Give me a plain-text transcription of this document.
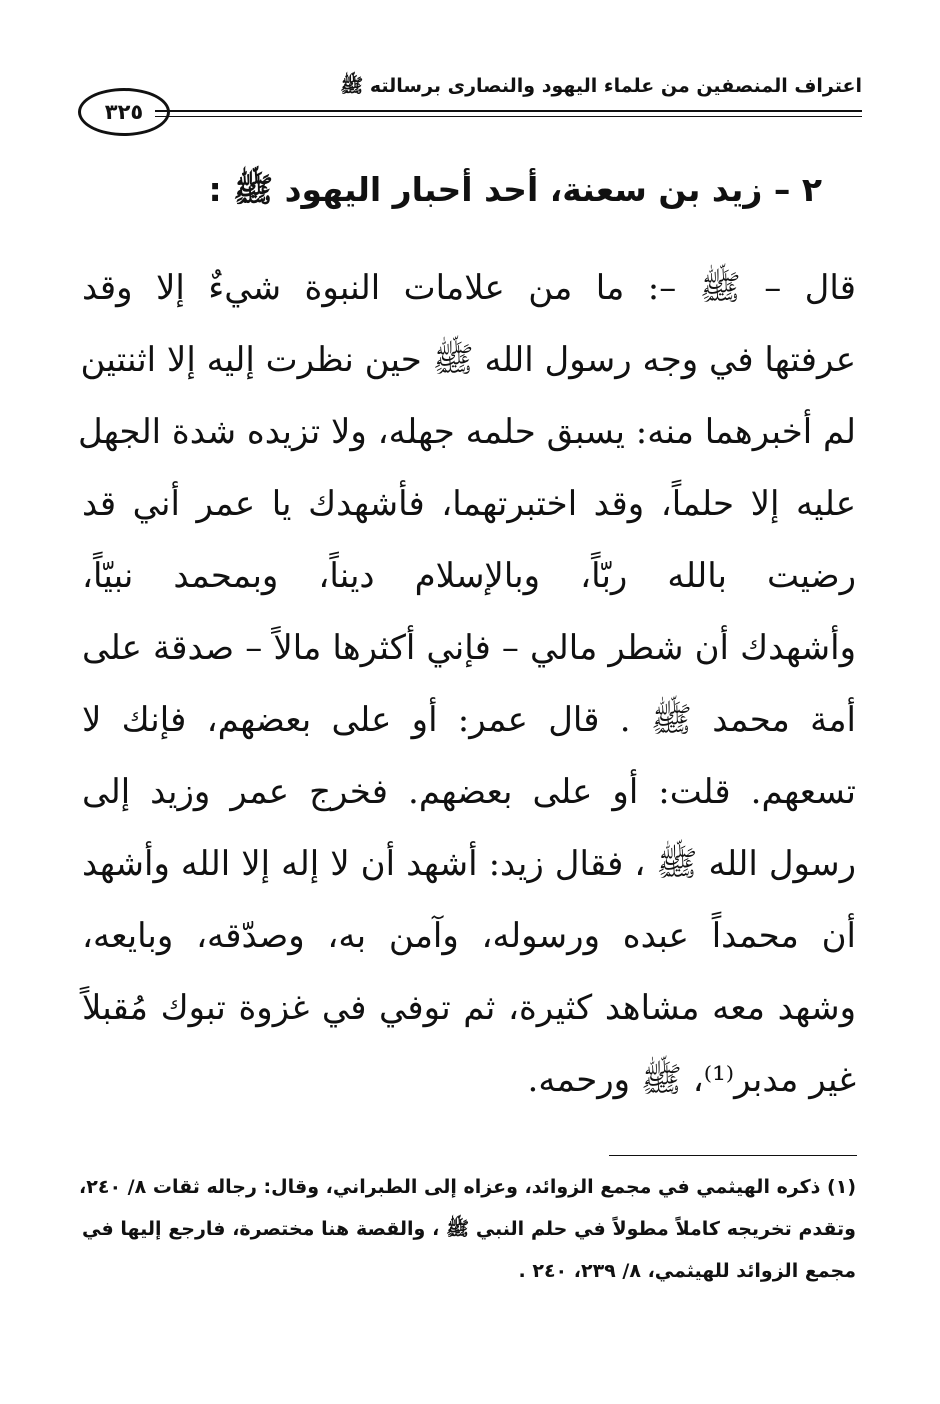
اعتراف المنصفين من علماء اليهود والنصارى برسالته ﷺ
٣٢٥
٢ – زيد بن سعنة، أحد أحبار اليهود ﷺ :
قال – ﷺ –: ما من علامات النبوة شيءٌ إلا وقد
عرفتها في وجه رسول الله ﷺ حين نظرت إليه إلا اثنتين
لم أخبرهما منه: يسبق حلمه جهله، ولا تزيده شدة الجهل
عليه إلا حلماً، وقد اختبرتهما، فأشهدك يا عمر أني قد
رضيت بالله ربّاً، وبالإسلام ديناً، وبمحمد نبيّاً،
وأشهدك أن شطر مالي – فإني أكثرها مالاً – صدقة على
أمة محمد ﷺ . قال عمر: أو على بعضهم، فإنك لا
تسعهم. قلت: أو على بعضهم. فخرج عمر وزيد إلى
رسول الله ﷺ ، فقال زيد: أشهد أن لا إله إلا الله وأشهد
أن محمداً عبده ورسوله، وآمن به، وصدّقه، وبايعه،
وشهد معه مشاهد كثيرة، ثم توفي في غزوة تبوك مُقبلاً
غير مدبر⁽¹⁾، ﷺ ورحمه.
(١) ذكره الهيثمي في مجمع الزوائد، وعزاه إلى الطبراني، وقال: رجاله ثقات ٨/ ٢٤٠،
وتقدم تخريجه كاملاً مطولاً في حلم النبي ﷺ ، والقصة هنا مختصرة، فارجع إليها في
مجمع الزوائد للهيثمي، ٨/ ٢٣٩، ٢٤٠ .
